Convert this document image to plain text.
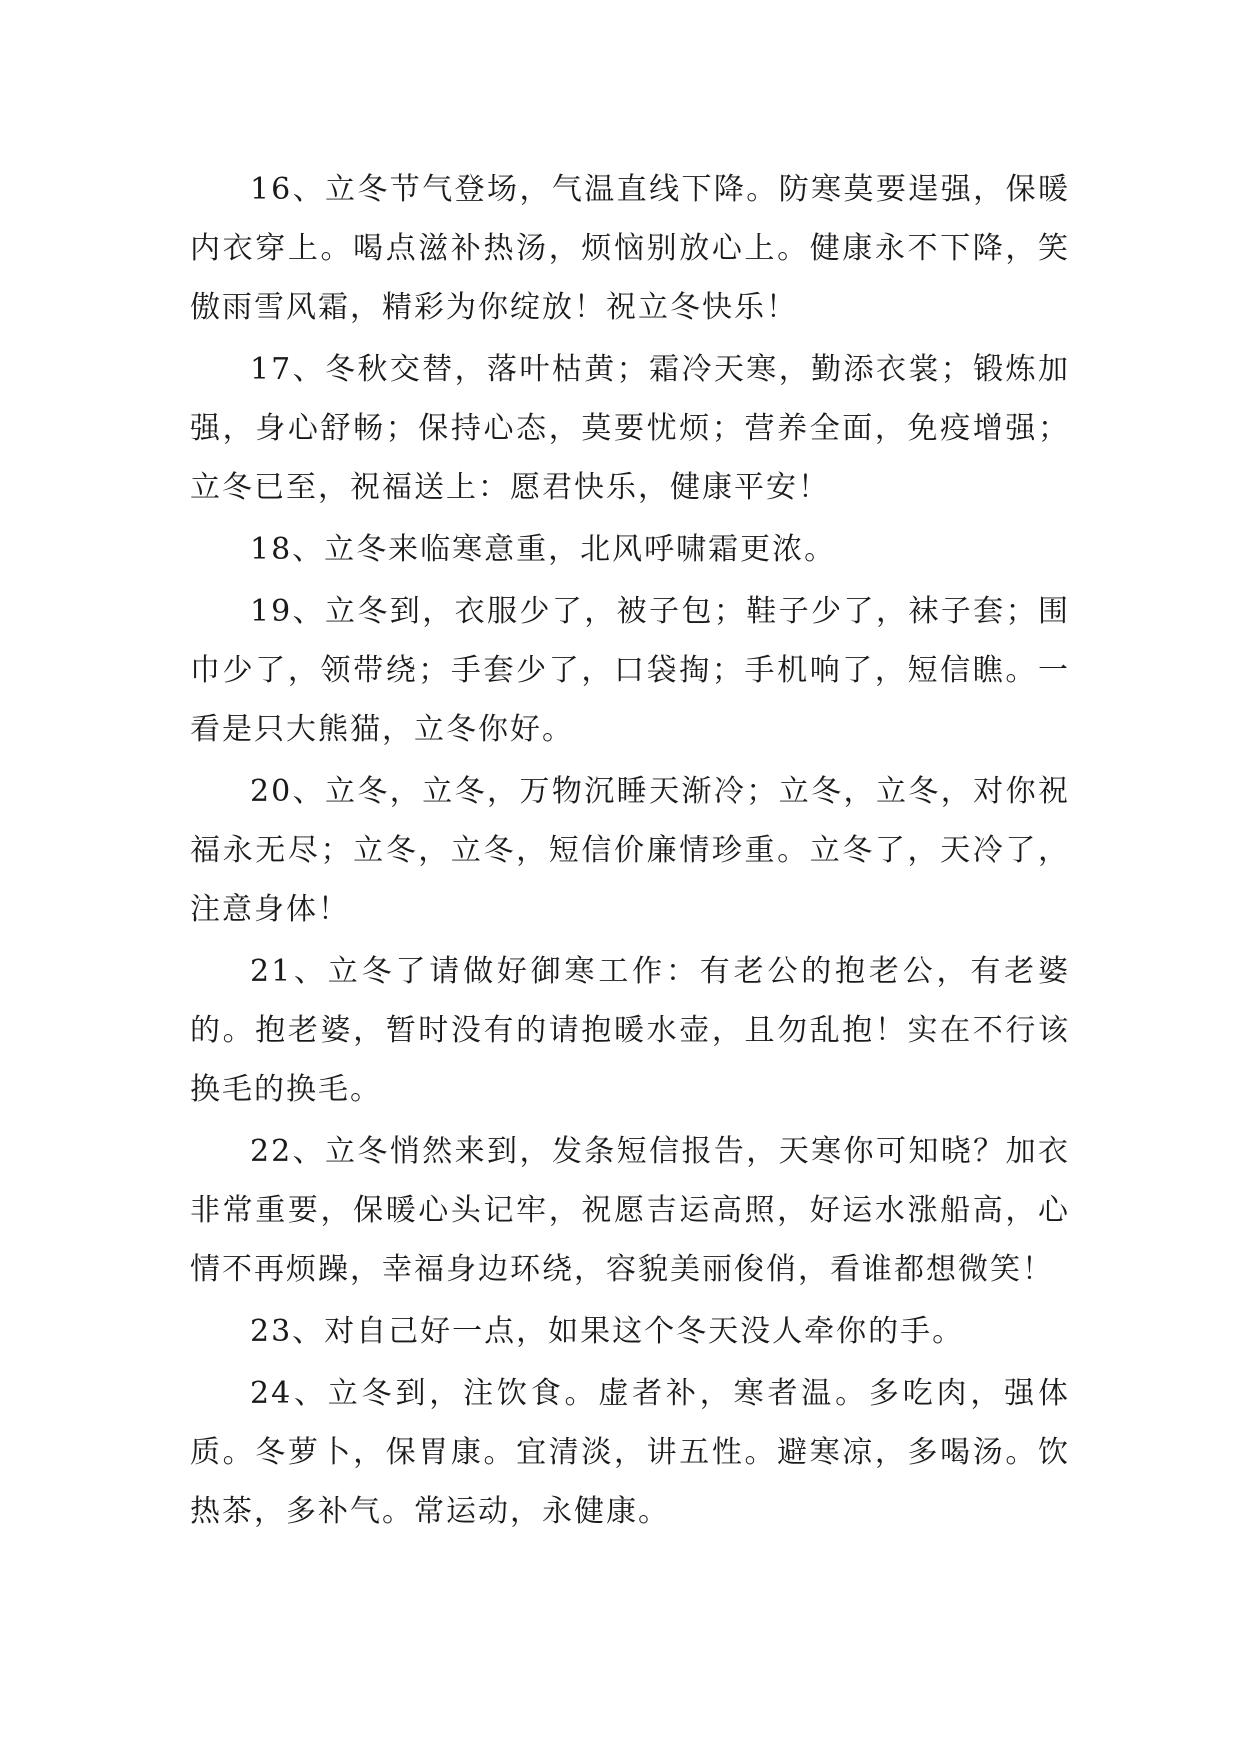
16、立冬节气登场，气温直线下降。防寒莫要逞强，保暖内衣穿上。喝点滋补热汤，烦恼别放心上。健康永不下降，笑傲雨雪风霜，精彩为你绽放！祝立冬快乐！

17、冬秋交替，落叶枯黄；霜冷天寒，勤添衣裳；锻炼加强，身心舒畅；保持心态，莫要忧烦；营养全面，免疫增强；立冬已至，祝福送上：愿君快乐，健康平安！

18、立冬来临寒意重，北风呼啸霜更浓。

19、立冬到，衣服少了，被子包；鞋子少了，袜子套；围巾少了，领带绕；手套少了，口袋掏；手机响了，短信瞧。一看是只大熊猫，立冬你好。

20、立冬，立冬，万物沉睡天渐冷；立冬，立冬，对你祝福永无尽；立冬，立冬，短信价廉情珍重。立冬了，天冷了，注意身体！

21、立冬了请做好御寒工作：有老公的抱老公，有老婆的。抱老婆，暂时没有的请抱暖水壶，且勿乱抱！实在不行该换毛的换毛。

22、立冬悄然来到，发条短信报告，天寒你可知晓？加衣非常重要，保暖心头记牢，祝愿吉运高照，好运水涨船高，心情不再烦躁，幸福身边环绕，容貌美丽俊俏，看谁都想微笑！

23、对自己好一点，如果这个冬天没人牵你的手。

24、立冬到，注饮食。虚者补，寒者温。多吃肉，强体质。冬萝卜，保胃康。宜清淡，讲五性。避寒凉，多喝汤。饮热茶，多补气。常运动，永健康。
